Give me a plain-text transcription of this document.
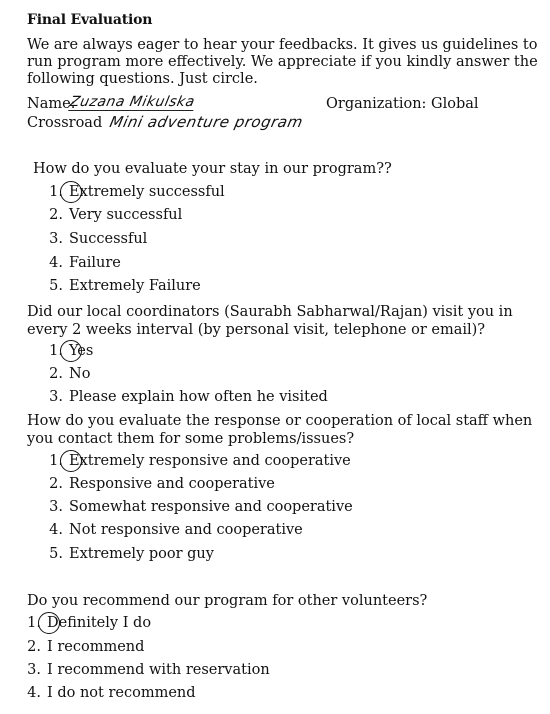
Final Evaluation
We are always eager to hear your feedbacks. It gives us guidelines to
run program more effectively. We appreciate if you kindly answer the
following questions. Just circle.
Name:
Zuzana Mikulska	Organization: Global
Crossroad Mini adventure program
How do you evaluate your stay in our program??
1. Extremely successful
2. Very successful
3. Successful
4. Failure
5. Extremely Failure
Did our local coordinators (Saurabh Sabharwal/Rajan) visit you in
every 2 weeks interval (by personal visit, telephone or email)?
1. Yes
2. No
3. Please explain how often he visited
How do you evaluate the response or cooperation of local staff when
you contact them for some problems/issues?
1. Extremely responsive and cooperative
2. Responsive and cooperative
3. Somewhat responsive and cooperative
4. Not responsive and cooperative
5. Extremely poor guy
Do you recommend our program for other volunteers?
1. Definitely I do
2. I recommend
3. I recommend with reservation
4. I do not recommend
